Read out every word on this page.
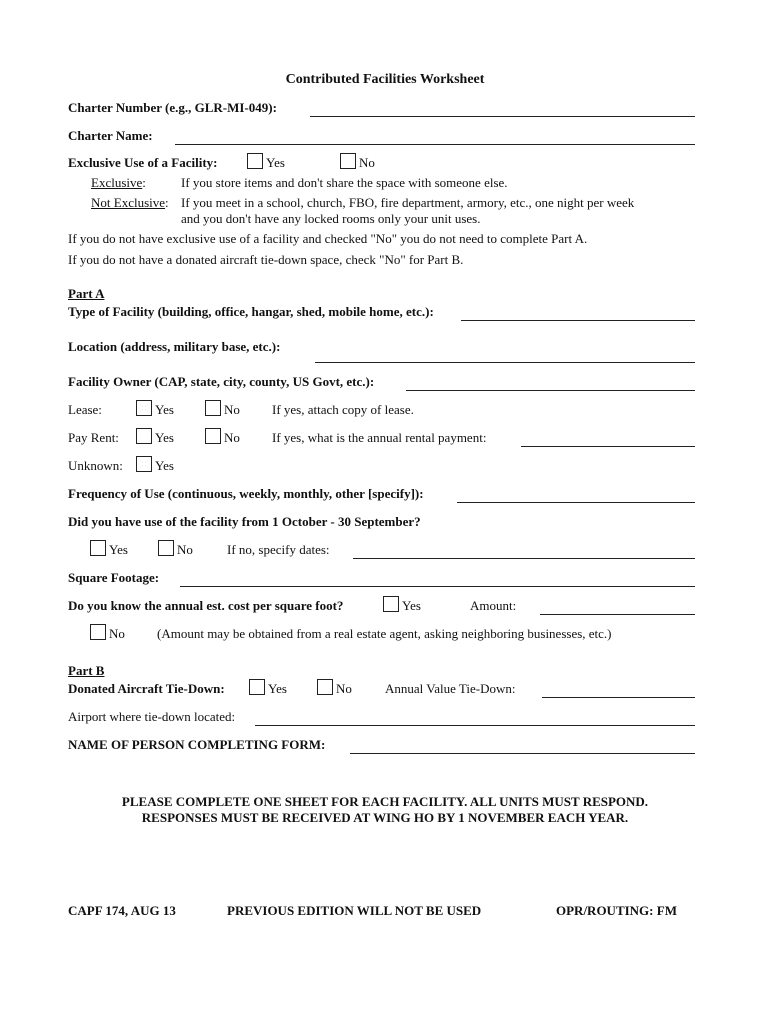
Contributed Facilities Worksheet
Charter Number (e.g., GLR-MI-049):
Charter Name:
Exclusive Use of a Facility:	Yes	No
Exclusive:	If you store items and don't share the space with someone else.
Not Exclusive: If you meet in a school, church, FBO, fire department, armory, etc., one night per week
and you don't have any locked rooms only your unit uses.
If you do not have exclusive use of a facility and checked "No" you do not need to complete Part A.
If you do not have a donated aircraft tie-down space, check "No" for Part B.
Part A
Type of Facility (building, office, hangar, shed, mobile home, etc.):
Location (address, military base, etc.):
Facility Owner (CAP, state, city, county, US Govt, etc.):
Lease:	Yes	No If yes, attach copy of lease.
Pay Rent:	Yes	No If yes, what is the annual rental payment:
Unknown: Yes
Frequency of Use (continuous, weekly, monthly, other [specify]):
Did you have use of the facility from 1 October - 30 September?
Yes	No	If no, specify dates:
Square Footage:
Do you know the annual est. cost per square foot?	Yes	Amount:
No (Amount may be obtained from a real estate agent, asking neighboring businesses, etc.)
Part B
Donated Aircraft Tie-Down:	Yes	No	Annual Value Tie-Down:
Airport where tie-down located:
NAME OF PERSON COMPLETING FORM:
PLEASE COMPLETE ONE SHEET FOR EACH FACILITY. ALL UNITS MUST RESPOND.
RESPONSES MUST BE RECEIVED AT WING HO BY 1 NOVEMBER EACH YEAR.
CAPF 174, AUG 13	PREVIOUS EDITION WILL NOT BE USED	OPR/ROUTING: FM
